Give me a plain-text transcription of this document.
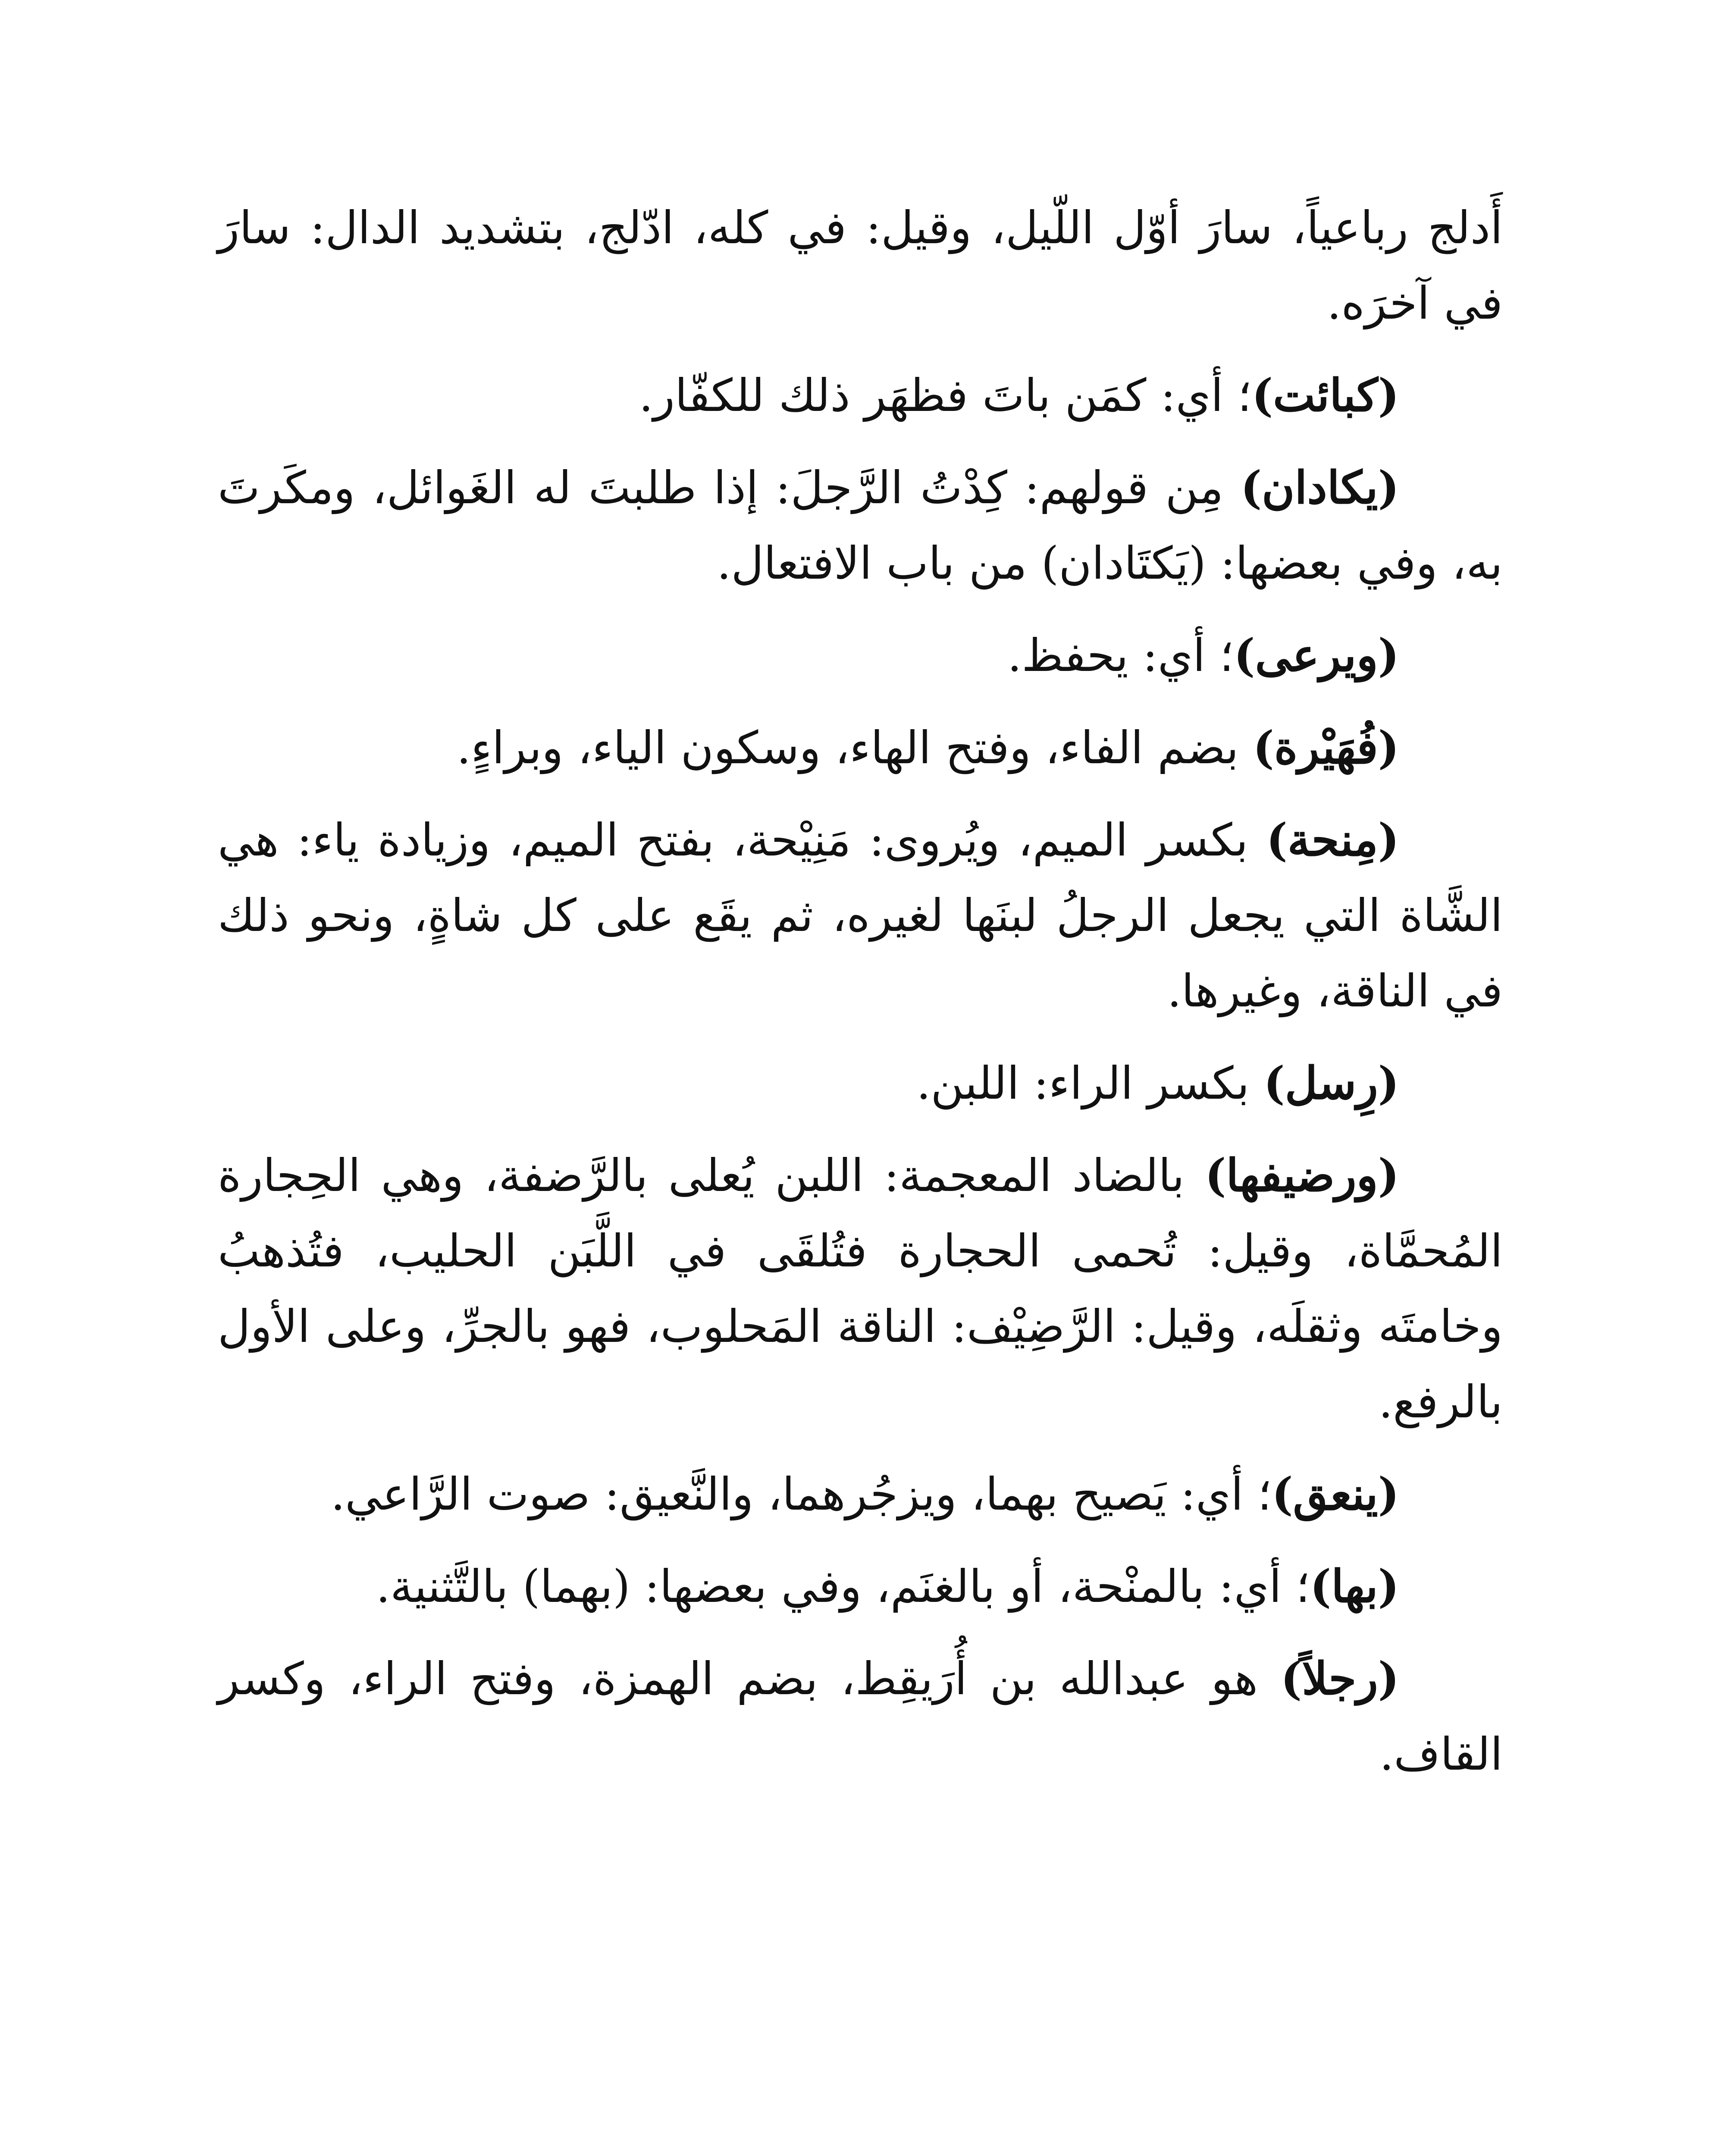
أَدلج رباعياً، سارَ أوّل اللّيل، وقيل: في كله، ادّلج، بتشديد الدال: سارَ في آخرَه.

(كبائت)؛ أي: كمَن باتَ فظهَر ذلك للكفّار.

(يكادان) مِن قولهم: كِدْتُ الرَّجلَ: إذا طلبتَ له الغَوائل، ومكَرتَ به، وفي بعضها: (يَكتَادان) من باب الافتعال.

(ويرعى)؛ أي: يحفظ.

(فُهَيْرة) بضم الفاء، وفتح الهاء، وسكون الياء، وبراءٍ.

(مِنحة) بكسر الميم، ويُروى: مَنِيْحة، بفتح الميم، وزيادة ياء: هي الشَّاة التي يجعل الرجلُ لبنَها لغيره، ثم يقَع على كل شاةٍ، ونحو ذلك في الناقة، وغيرها.

(رِسل) بكسر الراء: اللبن.

(ورضيفها) بالضاد المعجمة: اللبن يُعلى بالرَّضفة، وهي الحِجارة المُحمَّاة، وقيل: تُحمى الحجارة فتُلقَى في اللَّبَن الحليب، فتُذهبُ وخامتَه وثقلَه، وقيل: الرَّضِيْف: الناقة المَحلوب، فهو بالجرِّ، وعلى الأول بالرفع.

(ينعق)؛ أي: يَصيح بهما، ويزجُرهما، والنَّعيق: صوت الرَّاعي.

(بها)؛ أي: بالمنْحة، أو بالغنَم، وفي بعضها: (بهما) بالتَّثنية.

(رجلاً) هو عبدالله بن أُرَيقِط، بضم الهمزة، وفتح الراء، وكسر القاف.
